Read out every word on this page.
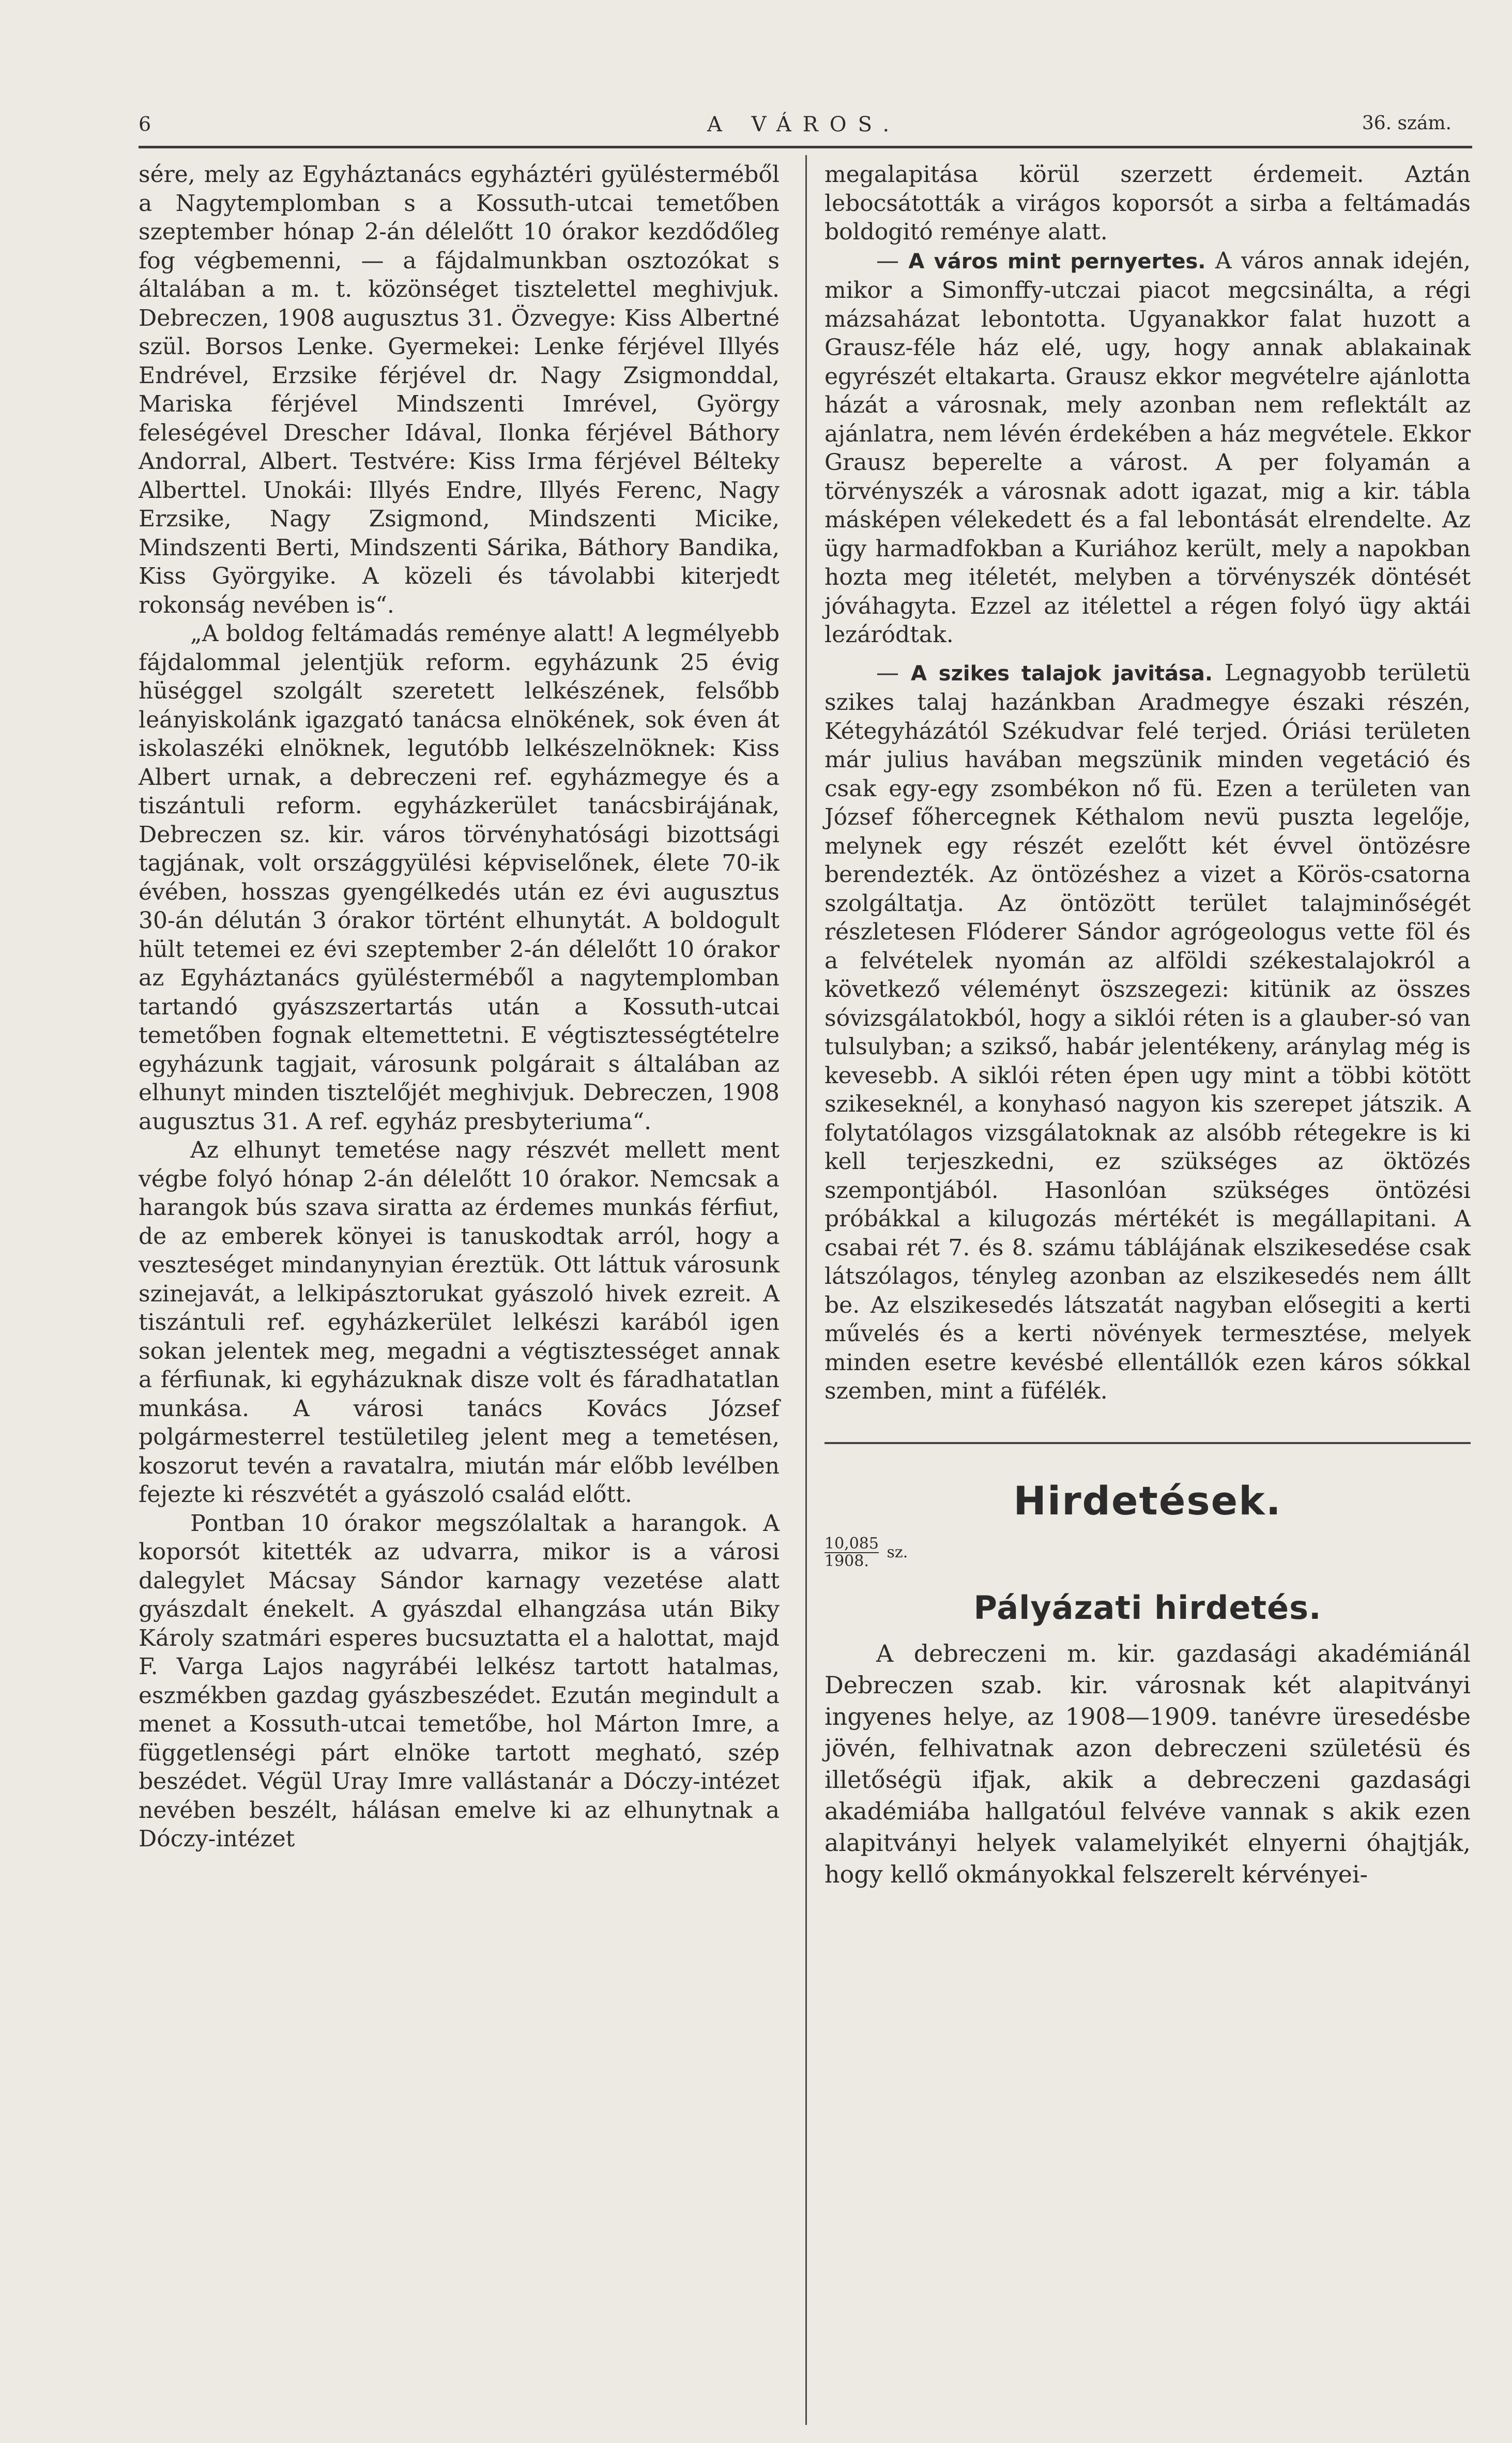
6	A VÁROS.	36. szám.

sére, mely az Egyháztanács egyháztéri gyülésterméből a Nagytemplomban s a Kossuth-utcai temetőben szeptember hónap 2-án délelőtt 10 órakor kezdődőleg fog végbemenni, — a fájdalmunkban osztozókat s általában a m. t. közönséget tisztelettel meghivjuk. Debreczen, 1908 augusztus 31. Özvegye: Kiss Albertné szül. Borsos Lenke. Gyermekei: Lenke férjével Illyés Endrével, Erzsike férjével dr. Nagy Zsigmonddal, Mariska férjével Mindszenti Imrével, György feleségével Drescher Idával, Ilonka férjével Báthory Andorral, Albert. Testvére: Kiss Irma férjével Bélteky Alberttel. Unokái: Illyés Endre, Illyés Ferenc, Nagy Erzsike, Nagy Zsigmond, Mindszenti Micike, Mindszenti Berti, Mindszenti Sárika, Báthory Bandika, Kiss Györgyike. A közeli és távolabbi kiterjedt rokonság nevében is“.

„A boldog feltámadás reménye alatt! A legmélyebb fájdalommal jelentjük reform. egyházunk 25 évig hüséggel szolgált szeretett lelkészének, felsőbb leányiskolánk igazgató tanácsa elnökének, sok éven át iskolaszéki elnöknek, legutóbb lelkészelnöknek: Kiss Albert urnak, a debreczeni ref. egyházmegye és a tiszántuli reform. egyházkerület tanácsbirájának, Debreczen sz. kir. város törvényhatósági bizottsági tagjának, volt országgyülési képviselőnek, élete 70-ik évében, hosszas gyengélkedés után ez évi augusztus 30-án délután 3 órakor történt elhunytát. A boldogult hült tetemei ez évi szeptember 2-án délelőtt 10 órakor az Egyháztanács gyülésterméből a nagytemplomban tartandó gyászszertartás után a Kossuth-utcai temetőben fognak eltemettetni. E végtisztességtételre egyházunk tagjait, városunk polgárait s általában az elhunyt minden tisztelőjét meghivjuk. Debreczen, 1908 augusztus 31. A ref. egyház presbyteriuma“.

Az elhunyt temetése nagy részvét mellett ment végbe folyó hónap 2-án délelőtt 10 órakor. Nemcsak a harangok bús szava siratta az érdemes munkás férfiut, de az emberek könyei is tanuskodtak arról, hogy a veszteséget mindanynyian éreztük. Ott láttuk városunk szinejavát, a lelkipásztorukat gyászoló hivek ezreit. A tiszántuli ref. egyházkerület lelkészi karából igen sokan jelentek meg, megadni a végtisztességet annak a férfiunak, ki egyházuknak disze volt és fáradhatatlan munkása. A városi tanács Kovács József polgármesterrel testületileg jelent meg a temetésen, koszorut tevén a ravatalra, miután már előbb levélben fejezte ki részvétét a gyászoló család előtt.

Pontban 10 órakor megszólaltak a harangok. A koporsót kitették az udvarra, mikor is a városi dalegylet Mácsay Sándor karnagy vezetése alatt gyászdalt énekelt. A gyászdal elhangzása után Biky Károly szatmári esperes bucsuztatta el a halottat, majd F. Varga Lajos nagyrábéi lelkész tartott hatalmas, eszmékben gazdag gyászbeszédet. Ezután megindult a menet a Kossuth-utcai temetőbe, hol Márton Imre, a függetlenségi párt elnöke tartott megható, szép beszédet. Végül Uray Imre vallástanár a Dóczy-intézet nevében beszélt, hálásan emelve ki az elhunytnak a Dóczy-intézet

megalapitása körül szerzett érdemeit. Aztán lebocsátották a virágos koporsót a sirba a feltámadás boldogitó reménye alatt.

— A város mint pernyertes. A város annak idején, mikor a Simonffy-utczai piacot megcsinálta, a régi mázsaházat lebontotta. Ugyanakkor falat huzott a Grausz-féle ház elé, ugy, hogy annak ablakainak egyrészét eltakarta. Grausz ekkor megvételre ajánlotta házát a városnak, mely azonban nem reflektált az ajánlatra, nem lévén érdekében a ház megvétele. Ekkor Grausz beperelte a várost. A per folyamán a törvényszék a városnak adott igazat, mig a kir. tábla másképen vélekedett és a fal lebontását elrendelte. Az ügy harmadfokban a Kuriához került, mely a napokban hozta meg itéletét, melyben a törvényszék döntését jóváhagyta. Ezzel az itélettel a régen folyó ügy aktái lezáródtak.

— A szikes talajok javitása. Legnagyobb területü szikes talaj hazánkban Aradmegye északi részén, Kétegyházától Székudvar felé terjed. Óriási területen már julius havában megszünik minden vegetáció és csak egy-egy zsombékon nő fü. Ezen a területen van József főhercegnek Kéthalom nevü puszta legelője, melynek egy részét ezelőtt két évvel öntözésre berendezték. Az öntözéshez a vizet a Körös-csatorna szolgáltatja. Az öntözött terület talajminőségét részletesen Flóderer Sándor agrógeologus vette föl és a felvételek nyomán az alföldi székestalajokról a következő véleményt öszszegezi: kitünik az összes sóvizsgálatokból, hogy a siklói réten is a glauber-só van tulsulyban; a szikső, habár jelentékeny, aránylag még is kevesebb. A siklói réten épen ugy mint a többi kötött szikeseknél, a konyhasó nagyon kis szerepet játszik. A folytatólagos vizsgálatoknak az alsóbb rétegekre is ki kell terjeszkedni, ez szükséges az öktözés szempontjából. Hasonlóan szükséges öntözési próbákkal a kilugozás mértékét is megállapitani. A csabai rét 7. és 8. számu táblájának elszikesedése csak látszólagos, tényleg azonban az elszikesedés nem állt be. Az elszikesedés látszatát nagyban elősegiti a kerti művelés és a kerti növények termesztése, melyek minden esetre kevésbé ellentállók ezen káros sókkal szemben, mint a füfélék.

Hirdetések.
$\frac{10,085}{1908.}$ sz.
Pályázati hirdetés.

A debreczeni m. kir. gazdasági akadémiánál Debreczen szab. kir. városnak két alapitványi ingyenes helye, az 1908—1909. tanévre üresedésbe jövén, felhivatnak azon debreczeni születésü és illetőségü ifjak, akik a debreczeni gazdasági akadémiába hallgatóul felvéve vannak s akik ezen alapitványi helyek valamelyikét elnyerni óhajtják, hogy kellő okmányokkal felszerelt kérvényei-
